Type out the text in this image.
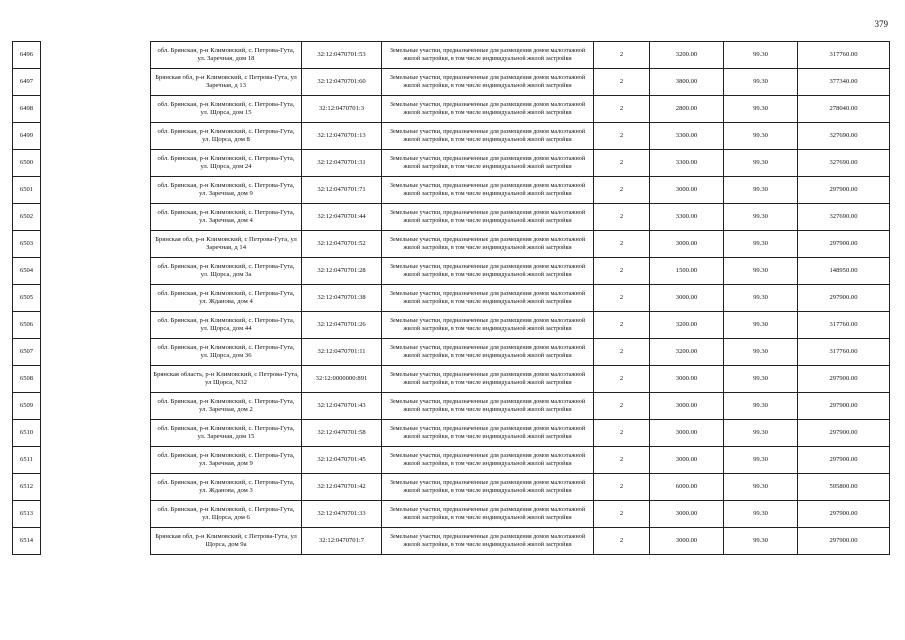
379
6496		обл. Брянская, р-н Климовский, с. Петрова-Гута, ул. Заречная, дом 18	32:12:0470701:53	Земельные участки, предназначенные для размещения домов малоэтажной жилой застройки, в том числе индивидуальной жилой застройки	2	3200.00	99.30	317760.00
6497		Брянская обл, р-н Климовский, с Петрова-Гута, ул Заречная, д 13	32:12:0470701:60	Земельные участки, предназначенные для размещения домов малоэтажной жилой застройки, в том числе индивидуальной жилой застройки	2	3800.00	99.30	377340.00
6498		обл. Брянская, р-н Климовский, с. Петрова-Гута, ул. Щорса, дом 15	32:12:0470701:3	Земельные участки, предназначенные для размещения домов малоэтажной жилой застройки, в том числе индивидуальной жилой застройки	2	2800.00	99.30	278040.00
6499		обл. Брянская, р-н Климовский, с. Петрова-Гута, ул. Щорса, дом 8	32:12:0470701:13	Земельные участки, предназначенные для размещения домов малоэтажной жилой застройки, в том числе индивидуальной жилой застройки	2	3300.00	99.30	327690.00
6500		обл. Брянская, р-н Климовский, с. Петрова-Гута, ул. Щорса, дом 24	32:12:0470701:31	Земельные участки, предназначенные для размещения домов малоэтажной жилой застройки, в том числе индивидуальной жилой застройки	2	3300.00	99.30	327690.00
6501		обл. Брянская, р-н Климовский, с. Петрова-Гута, ул. Заречная, дом 9	32:12:0470701:71	Земельные участки, предназначенные для размещения домов малоэтажной жилой застройки, в том числе индивидуальной жилой застройки	2	3000.00	99.30	297900.00
6502		обл. Брянская, р-н Климовский, с. Петрова-Гута, ул. Заречная, дом 4	32:12:0470701:44	Земельные участки, предназначенные для размещения домов малоэтажной жилой застройки, в том числе индивидуальной жилой застройки	2	3300.00	99.30	327690.00
6503		Брянская обл, р-н Климовский, с Петрова-Гута, ул Заречная, д 14	32:12:0470701:52	Земельные участки, предназначенные для размещения домов малоэтажной жилой застройки, в том числе индивидуальной жилой застройки	2	3000.00	99.30	297900.00
6504		обл. Брянская, р-н Климовский, с. Петрова-Гута, ул. Щорса, дом 3а	32:12:0470701:28	Земельные участки, предназначенные для размещения домов малоэтажной жилой застройки, в том числе индивидуальной жилой застройки	2	1500.00	99.30	148950.00
6505		обл. Брянская, р-н Климовский, с. Петрова-Гута, ул. Жданова, дом 4	32:12:0470701:38	Земельные участки, предназначенные для размещения домов малоэтажной жилой застройки, в том числе индивидуальной жилой застройки	2	3000.00	99.30	297900.00
6506		обл. Брянская, р-н Климовский, с. Петрова-Гута, ул. Щорса, дом 44	32:12:0470701:26	Земельные участки, предназначенные для размещения домов малоэтажной жилой застройки, в том числе индивидуальной жилой застройки	2	3200.00	99.30	317760.00
6507		обл. Брянская, р-н Климовский, с. Петрова-Гута, ул. Щорса, дом 36	32:12:0470701:11	Земельные участки, предназначенные для размещения домов малоэтажной жилой застройки, в том числе индивидуальной жилой застройки	2	3200.00	99.30	317760.00
6508		Брянская область, р-н Климовский, с Петрова-Гута, ул Щорса, N32	32:12:0000000:891	Земельные участки, предназначенные для размещения домов малоэтажной жилой застройки, в том числе индивидуальной жилой застройки	2	3000.00	99.30	297900.00
6509		обл. Брянская, р-н Климовский, с. Петрова-Гута, ул. Заречная, дом 2	32:12:0470701:43	Земельные участки, предназначенные для размещения домов малоэтажной жилой застройки, в том числе индивидуальной жилой застройки	2	3000.00	99.30	297900.00
6510		обл. Брянская, р-н Климовский, с. Петрова-Гута, ул. Заречная, дом 15	32:12:0470701:58	Земельные участки, предназначенные для размещения домов малоэтажной жилой застройки, в том числе индивидуальной жилой застройки	2	3000.00	99.30	297900.00
6511		обл. Брянская, р-н Климовский, с. Петрова-Гута, ул. Заречная, дом 9	32:12:0470701:45	Земельные участки, предназначенные для размещения домов малоэтажной жилой застройки, в том числе индивидуальной жилой застройки	2	3000.00	99.30	297900.00
6512		обл. Брянская, р-н Климовский, с. Петрова-Гута, ул. Жданова, дом 3	32:12:0470701:42	Земельные участки, предназначенные для размещения домов малоэтажной жилой застройки, в том числе индивидуальной жилой застройки	2	6000.00	99.30	595800.00
6513		обл. Брянская, р-н Климовский, с. Петрова-Гута, ул. Щорса, дом 6	32:12:0470701:33	Земельные участки, предназначенные для размещения домов малоэтажной жилой застройки, в том числе индивидуальной жилой застройки	2	3000.00	99.30	297900.00
6514		Брянская обл, р-н Климовский, с Петрова-Гута, ул Щорса, дом 9а	32:12:0470701:7	Земельные участки, предназначенные для размещения домов малоэтажной жилой застройки, в том числе индивидуальной жилой застройки	2	3000.00	99.30	297900.00
